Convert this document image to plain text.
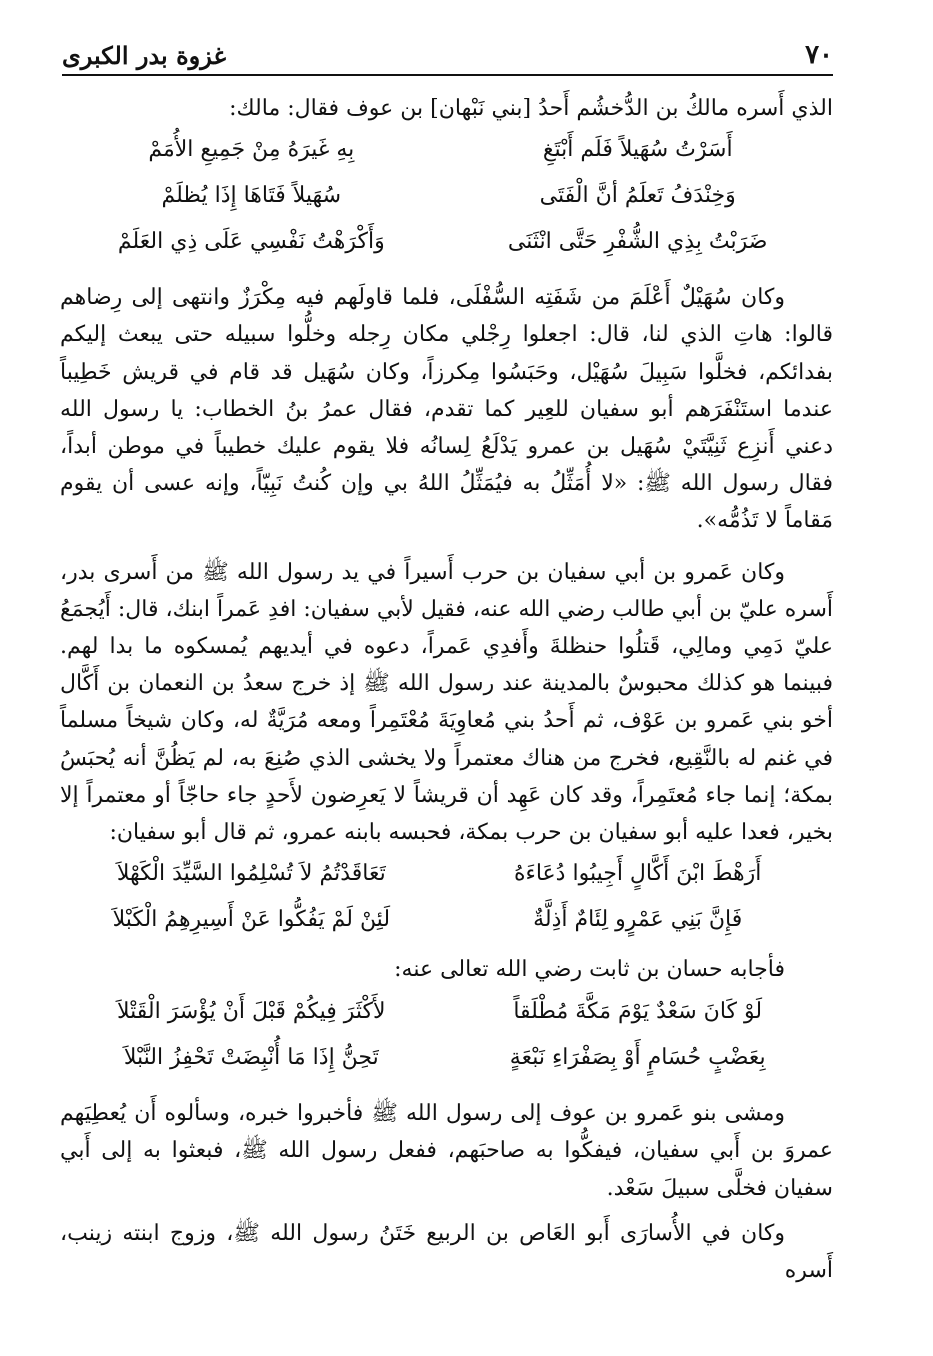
٧٠
غزوة بدر الكبرى

الذي أَسره مالكُ بن الدُّخشُم أَحدُ [بني نَبْهان] بن عوف فقال: مالك:

أَسَرْتُ سُهَيلاً فَلَم أَبْتَغِ
بِهِ غَيرَهُ مِنْ جَمِيعِ الأُمَمْ
وَخِنْدَفُ تَعلَمُ أنَّ الْفَتَى
سُهَيلاً فَتَاهَا إِذَا يُظلَمْ
ضَرَبْتُ بِذِي الشُّفْرِ حَتَّى انْثَنَى
وَأَكْرَهْتُ نَفْسِي عَلَى ذِي العَلَمْ

وكان سُهَيْلٌ أَعْلَمَ من شَفَتِه السُّفْلَى، فلما قاولَهم فيه مِكْرَزٌ وانتهى إلى رِضاهم قالوا: هاتِ الذي لنا، قال: اجعلوا رِجْلي مكان رِجله وخلُّوا سبيله حتى يبعث إليكم بفدائكم، فخلَّوا سَبِيلَ سُهَيْل، وحَبَسُوا مِكرزاً، وكان سُهَيل قد قام في قريش خَطِيباً عندما استَنْفَرَهم أبو سفيان للعِير كما تقدم، فقال عمرُ بنُ الخطاب: يا رسول الله دعني أَنزِع ثَنِيَّتَيْ سُهَيل بن عمرو يَدْلَعُ لِسانُه فلا يقوم عليك خطيباً في موطن أبداً، فقال رسول الله ﷺ: «لا أُمَثِّلُ به فيُمَثِّلُ اللهُ بي وإن كُنتُ نَبِيّاً، وإنه عسى أن يقوم مَقاماً لا تَذُمُّه».

وكان عَمرو بن أبي سفيان بن حرب أَسيراً في يد رسول الله ﷺ من أَسرى بدر، أَسره عليّ بن أبي طالب رضي الله عنه، فقيل لأبي سفيان: افدِ عَمراً ابنك، قال: أَيُجمَعُ عليّ دَمِي ومالِي، قَتلُوا حنظلةَ وأَفدِي عَمراً، دعوه في أيديهم يُمسكوه ما بدا لهم. فبينما هو كذلك محبوسٌ بالمدينة عند رسول الله ﷺ إذ خرج سعدُ بن النعمان بن أَكَّال أخو بني عَمرو بن عَوْف، ثم أَحدُ بني مُعاوِيَةَ مُعْتَمِراً ومعه مُرَيَّةٌ له، وكان شيخاً مسلماً في غنم له بالنَّقِيع، فخرج من هناك معتمراً ولا يخشى الذي صُنِعَ به، لم يَظُنَّ أنه يُحبَسُ بمكة؛ إنما جاء مُعتَمِراً، وقد كان عَهِد أن قريشاً لا يَعرِضون لأَحدٍ جاء حاجّاً أو معتمراً إلا بخير، فعدا عليه أبو سفيان بن حرب بمكة، فحبسه بابنه عمرو، ثم قال أبو سفيان:

أَرَهْطَ ابْنَ أَكَّالٍ أَجِيبُوا دُعَاءَهُ
تَعَاقَدْتُمُ لاَ تُسْلِمُوا السَّيِّدَ الْكَهْلاَ
فَإِنَّ بَنِي عَمْرٍو لِئَامٌ أَذِلَّةٌ
لَئِنْ لَمْ يَفُكُّوا عَنْ أَسِيرِهِمُ الْكَبْلاَ

فأجابه حسان بن ثابت رضي الله تعالى عنه:

لَوْ كَانَ سَعْدٌ يَوْمَ مَكَّةَ مُطْلَقاً
لأَكْثَرَ فِيكُمْ قَبْلَ أَنْ يُؤْسَرَ الْقَتْلاَ
بِعَضْبٍ حُسَامٍ أَوْ بِصَفْرَاءِ نَبْعَةٍ
تَحِنُّ إِذَا مَا أُنْبِضَتْ تَحْفِزُ النَّبْلاَ

ومشى بنو عَمرو بن عوف إلى رسول الله ﷺ فأخبروا خبره، وسألوه أَن يُعطِيَهم عمروَ بن أَبي سفيان، فيفكُّوا به صاحبَهم، ففعل رسول الله ﷺ، فبعثوا به إلى أَبي سفيان فخلَّى سبيلَ سَعْد.

وكان في الأُسارَى أَبو العَاص بن الربيع خَتَنُ رسول الله ﷺ، وزوج ابنته زينب، أَسره
